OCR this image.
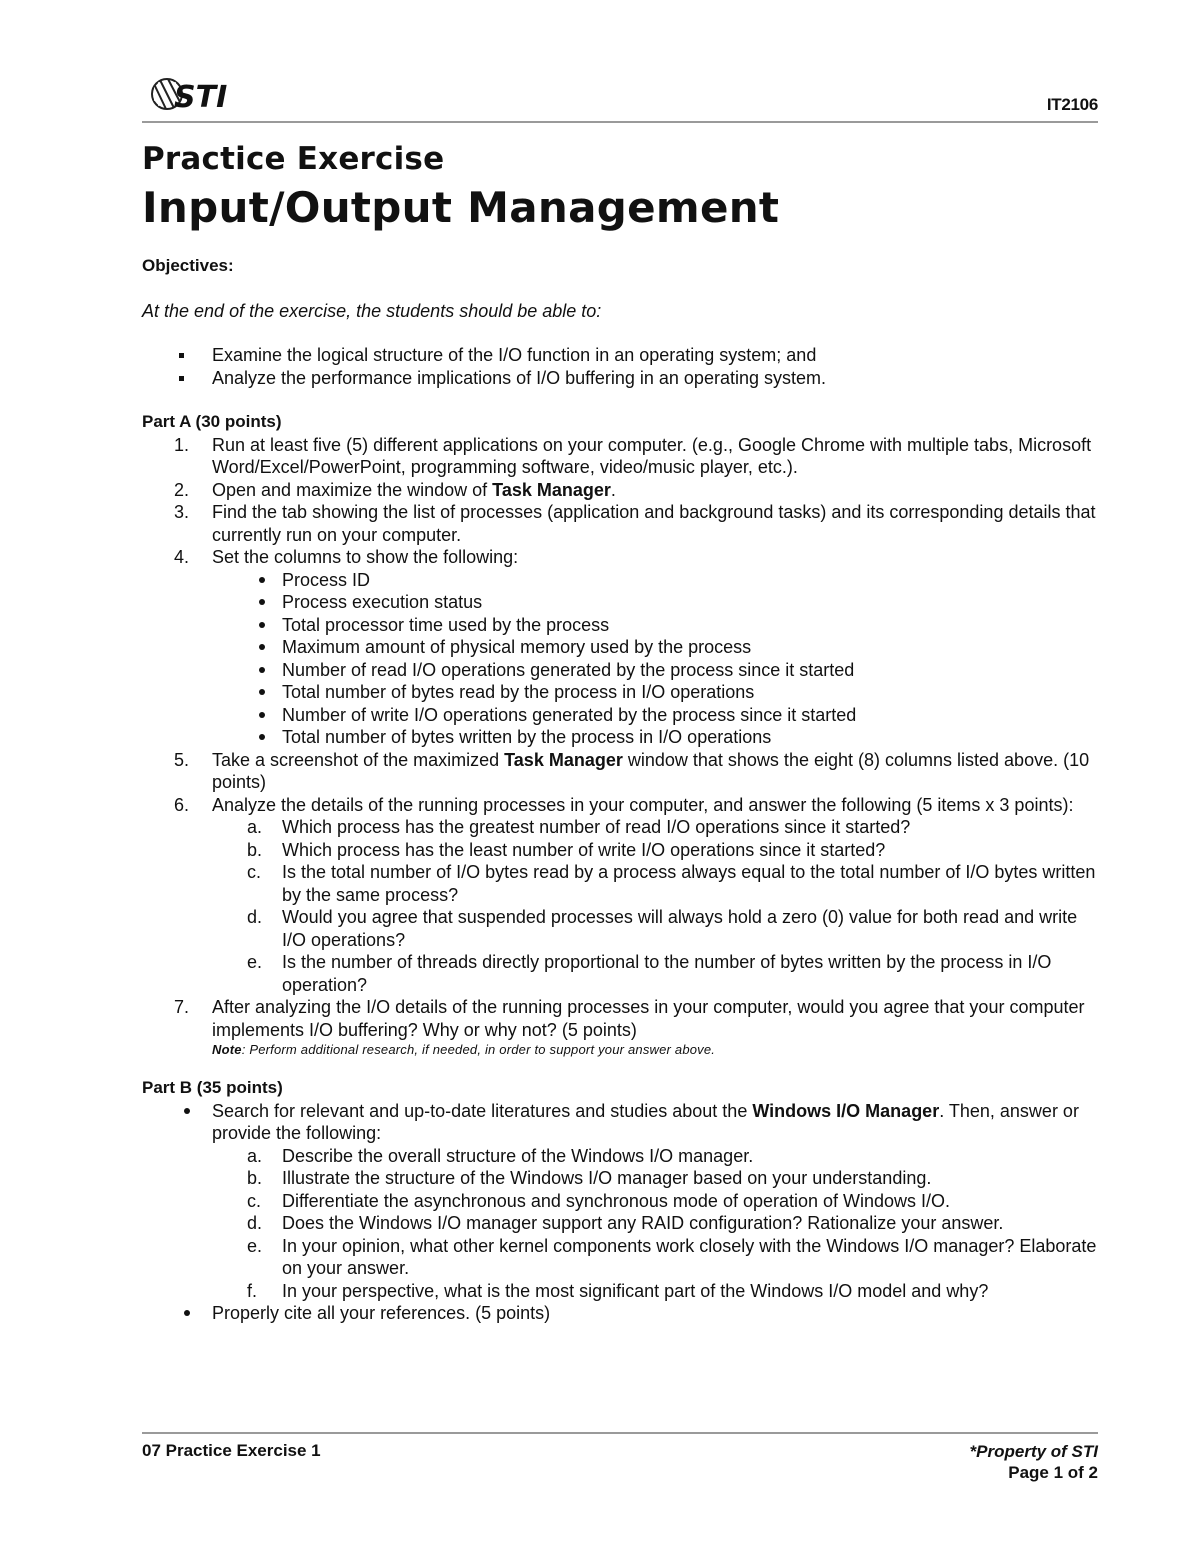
STI	IT2106
Practice Exercise
Input/Output Management
Objectives:
At the end of the exercise, the students should be able to:
Examine the logical structure of the I/O function in an operating system; and
Analyze the performance implications of I/O buffering in an operating system.
Part A (30 points)
1. Run at least five (5) different applications on your computer. (e.g., Google Chrome with multiple tabs, Microsoft Word/Excel/PowerPoint, programming software, video/music player, etc.).
2. Open and maximize the window of Task Manager.
3. Find the tab showing the list of processes (application and background tasks) and its corresponding details that currently run on your computer.
4. Set the columns to show the following:
Process ID
Process execution status
Total processor time used by the process
Maximum amount of physical memory used by the process
Number of read I/O operations generated by the process since it started
Total number of bytes read by the process in I/O operations
Number of write I/O operations generated by the process since it started
Total number of bytes written by the process in I/O operations
5. Take a screenshot of the maximized Task Manager window that shows the eight (8) columns listed above. (10 points)
6. Analyze the details of the running processes in your computer, and answer the following (5 items x 3 points):
a. Which process has the greatest number of read I/O operations since it started?
b. Which process has the least number of write I/O operations since it started?
c. Is the total number of I/O bytes read by a process always equal to the total number of I/O bytes written by the same process?
d. Would you agree that suspended processes will always hold a zero (0) value for both read and write I/O operations?
e. Is the number of threads directly proportional to the number of bytes written by the process in I/O operation?
7. After analyzing the I/O details of the running processes in your computer, would you agree that your computer implements I/O buffering? Why or why not? (5 points)
Note: Perform additional research, if needed, in order to support your answer above.
Part B (35 points)
Search for relevant and up-to-date literatures and studies about the Windows I/O Manager. Then, answer or provide the following:
a. Describe the overall structure of the Windows I/O manager.
b. Illustrate the structure of the Windows I/O manager based on your understanding.
c. Differentiate the asynchronous and synchronous mode of operation of Windows I/O.
d. Does the Windows I/O manager support any RAID configuration? Rationalize your answer.
e. In your opinion, what other kernel components work closely with the Windows I/O manager? Elaborate on your answer.
f. In your perspective, what is the most significant part of the Windows I/O model and why?
Properly cite all your references. (5 points)
07 Practice Exercise 1	*Property of STI
Page 1 of 2
